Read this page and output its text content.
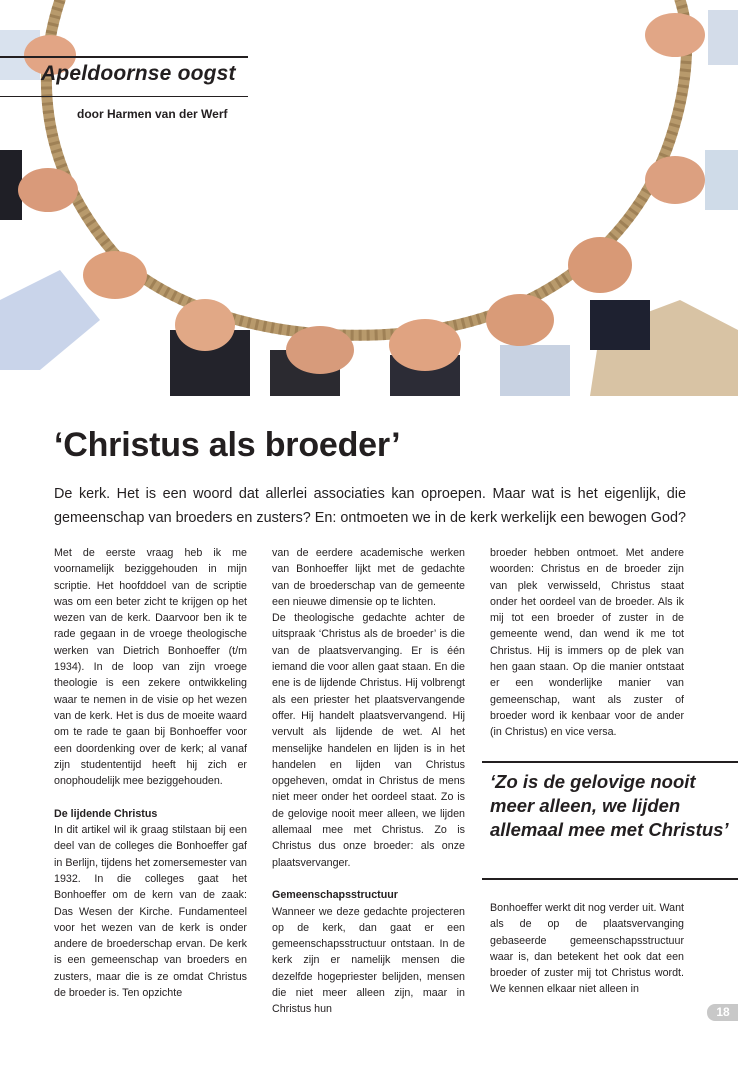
Apeldoornse oogst
door Harmen van der Werf
‘Christus als broeder’
De kerk. Het is een woord dat allerlei associaties kan oproepen. Maar wat is het eigenlijk, die gemeenschap van broeders en zusters? En: ontmoeten we in de kerk werkelijk een bewogen God?

Met de eerste vraag heb ik me voornamelijk beziggehouden in mijn scriptie. Het hoofddoel van de scriptie was om een beter zicht te krijgen op het wezen van de kerk. Daarvoor ben ik te rade gegaan in de vroege theologische werken van Dietrich Bonhoeffer (t/m 1934). In de loop van zijn vroege theologie is een zekere ontwikkeling waar te nemen in de visie op het wezen van de kerk. Het is dus de moeite waard om te rade te gaan bij Bonhoeffer voor een doordenking over de kerk; al vanaf zijn studententijd heeft hij zich er onophoudelijk mee beziggehouden.

De lijdende Christus

In dit artikel wil ik graag stilstaan bij een deel van de colleges die Bonhoeffer gaf in Berlijn, tijdens het zomersemester van 1932. In die colleges gaat het Bonhoeffer om de kern van de zaak: Das Wesen der Kirche. Fundamenteel voor het wezen van de kerk is onder andere de broederschap ervan. De kerk is een gemeenschap van broeders en zusters, maar die is ze omdat Christus de broeder is. Ten opzichte

van de eerdere academische werken van Bonhoeffer lijkt met de gedachte van de broederschap van de gemeente een nieuwe dimensie op te lichten.

De theologische gedachte achter de uitspraak ‘Christus als de broeder’ is die van de plaatsvervanging. Er is één iemand die voor allen gaat staan. En die ene is de lijdende Christus. Hij volbrengt als een priester het plaatsvervangende offer. Hij handelt plaatsvervangend. Hij vervult als lijdende de wet. Al het menselijke handelen en lijden is in het handelen en lijden van Christus opgeheven, omdat in Christus de mens niet meer onder het oordeel staat. Zo is de gelovige nooit meer alleen, we lijden allemaal mee met Christus. Zo is Christus dus onze broeder: als onze plaatsvervanger.

Gemeenschapsstructuur

Wanneer we deze gedachte projecteren op de kerk, dan gaat er een gemeenschapsstructuur ontstaan. In de kerk zijn er namelijk mensen die dezelfde hogepriester belijden, mensen die niet meer alleen zijn, maar in Christus hun

broeder hebben ontmoet. Met andere woorden: Christus en de broeder zijn van plek verwisseld, Christus staat onder het oordeel van de broeder. Als ik mij tot een broeder of zuster in de gemeente wend, dan wend ik me tot Christus. Hij is immers op de plek van hen gaan staan. Op die manier ontstaat er een wonderlijke manier van gemeenschap, want als zuster of broeder word ik kenbaar voor de ander (in Christus) en vice versa.

‘Zo is de gelovige nooit meer alleen, we lijden allemaal mee met Christus’

Bonhoeffer werkt dit nog verder uit. Want als de op de plaatsvervanging gebaseerde gemeenschapsstructuur waar is, dan betekent het ook dat een broeder of zuster mij tot Christus wordt. We kennen elkaar niet alleen in

18
